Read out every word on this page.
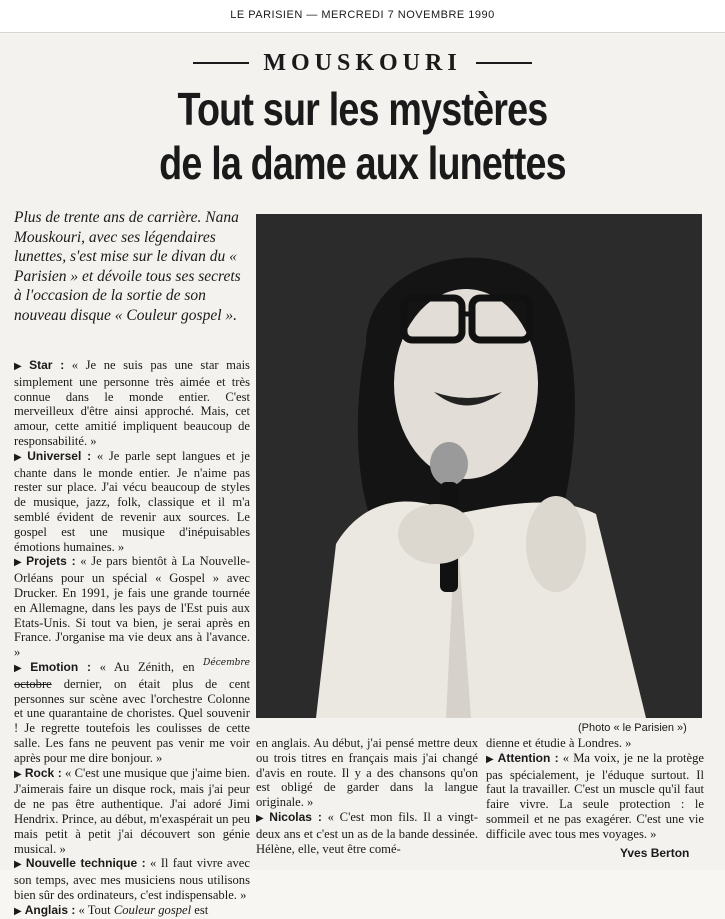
LE PARISIEN — MERCREDI 7 NOVEMBRE 1990
MOUSKOURI
Tout sur les mystères
de la dame aux lunettes
Plus de trente ans de carrière. Nana Mouskouri, avec ses légendaires lunettes, s'est mise sur le divan du « Parisien » et dévoile tous ses secrets à l'occasion de la sortie de son nouveau disque « Couleur gospel ».

▶ Star : « Je ne suis pas une star mais simplement une personne très aimée et très connue dans le monde entier. C'est merveilleux d'être ainsi approché. Mais, cet amour, cette amitié impliquent beaucoup de responsabilité. »

▶ Universel : « Je parle sept langues et je chante dans le monde entier. Je n'aime pas rester sur place. J'ai vécu beaucoup de styles de musique, jazz, folk, classique et il m'a semblé évident de revenir aux sources. Le gospel est une musique d'inépuisables émotions humaines. »

▶ Projets : « Je pars bientôt à La Nouvelle-Orléans pour un spécial « Gospel » avec Drucker. En 1991, je fais une grande tournée en Allemagne, dans les pays de l'Est puis aux Etats-Unis. Si tout va bien, je serai après en France. J'organise ma vie deux ans à l'avance. »

▶ Emotion : « Au Zénith, en $^{Décembre}$ octobre dernier, on était plus de cent personnes sur scène avec l'orchestre Colonne et une quarantaine de choristes. Quel souvenir ! Je regrette toutefois les coulisses de cette salle. Les fans ne peuvent pas venir me voir après pour me dire bonjour. »

▶ Rock : « C'est une musique que j'aime bien. J'aimerais faire un disque rock, mais j'ai peur de ne pas être authentique. J'ai adoré Jimi Hendrix. Prince, au début, m'exaspérait un peu mais petit à petit j'ai découvert son génie musical. »

▶ Nouvelle technique : « Il faut vivre avec son temps, avec mes musiciens nous utilisons bien sûr des ordinateurs, c'est indispensable. »

▶ Anglais : « Tout Couleur gospel est

(Photo « le Parisien »)

en anglais. Au début, j'ai pensé mettre deux ou trois titres en français mais j'ai changé d'avis en route. Il y a des chansons qu'on est obligé de garder dans la langue originale. »

▶ Nicolas : « C'est mon fils. Il a vingt-deux ans et c'est un as de la bande dessinée. Hélène, elle, veut être comé-

dienne et étudie à Londres. »

▶ Attention : « Ma voix, je ne la protège pas spécialement, je l'éduque surtout. Il faut la travailler. C'est un muscle qu'il faut faire vivre. La seule protection : le sommeil et ne pas exagérer. C'est une vie difficile avec tous mes voyages. »

Yves Berton
